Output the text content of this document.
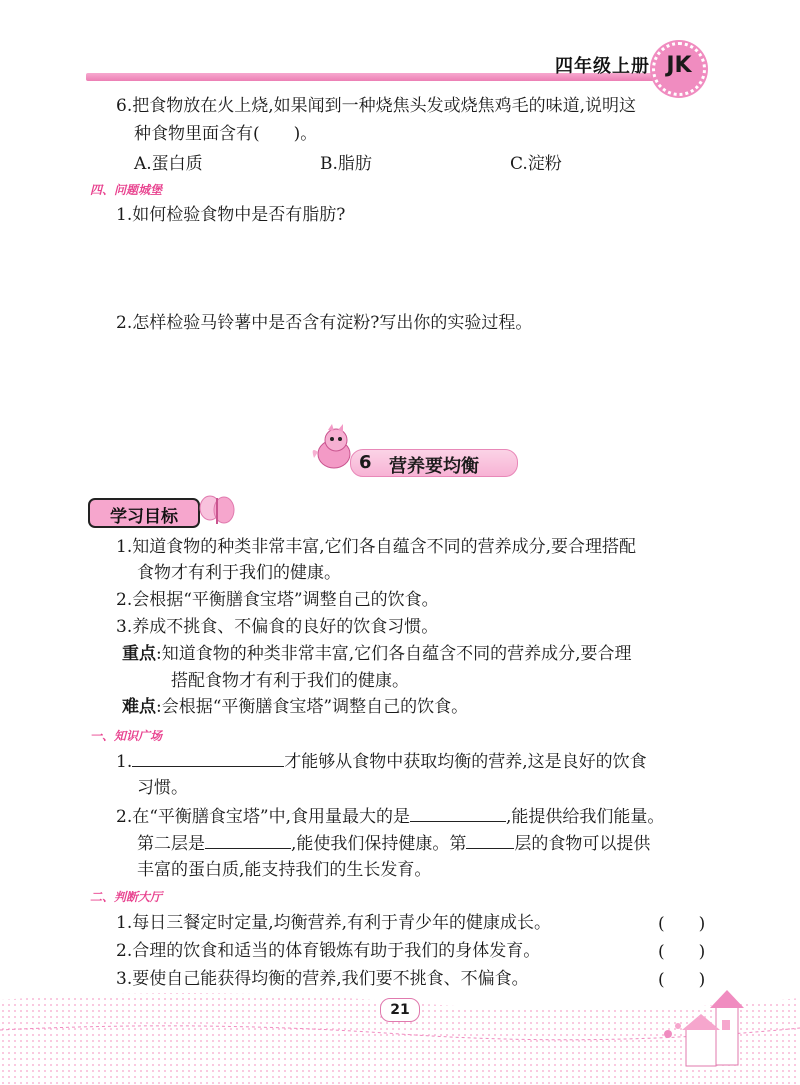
四年级上册 JK
6.把食物放在火上烧,如果闻到一种烧焦头发或烧焦鸡毛的味道,说明这
种食物里面含有(　　)。
A.蛋白质	B.脂肪	C.淀粉
四、问题城堡
1.如何检验食物中是否有脂肪?
2.怎样检验马铃薯中是否含有淀粉?写出你的实验过程。
6 营养要均衡
学习目标
1.知道食物的种类非常丰富,它们各自蕴含不同的营养成分,要合理搭配
食物才有利于我们的健康。
2.会根据“平衡膳食宝塔”调整自己的饮食。
3.养成不挑食、不偏食的良好的饮食习惯。
重点:知道食物的种类非常丰富,它们各自蕴含不同的营养成分,要合理
搭配食物才有利于我们的健康。
难点:会根据“平衡膳食宝塔”调整自己的饮食。
一、知识广场
1.	才能够从食物中获取均衡的营养,这是良好的饮食
习惯。
2.在“平衡膳食宝塔”中,食用量最大的是	,能提供给我们能量。
第二层是	,能使我们保持健康。第	层的食物可以提供
丰富的蛋白质,能支持我们的生长发育。
二、判断大厅
1.每日三餐定时定量,均衡营养,有利于青少年的健康成长。	(　　)
2.合理的饮食和适当的体育锻炼有助于我们的身体发育。	(　　)
3.要使自己能获得均衡的营养,我们要不挑食、不偏食。	(　　)
21
